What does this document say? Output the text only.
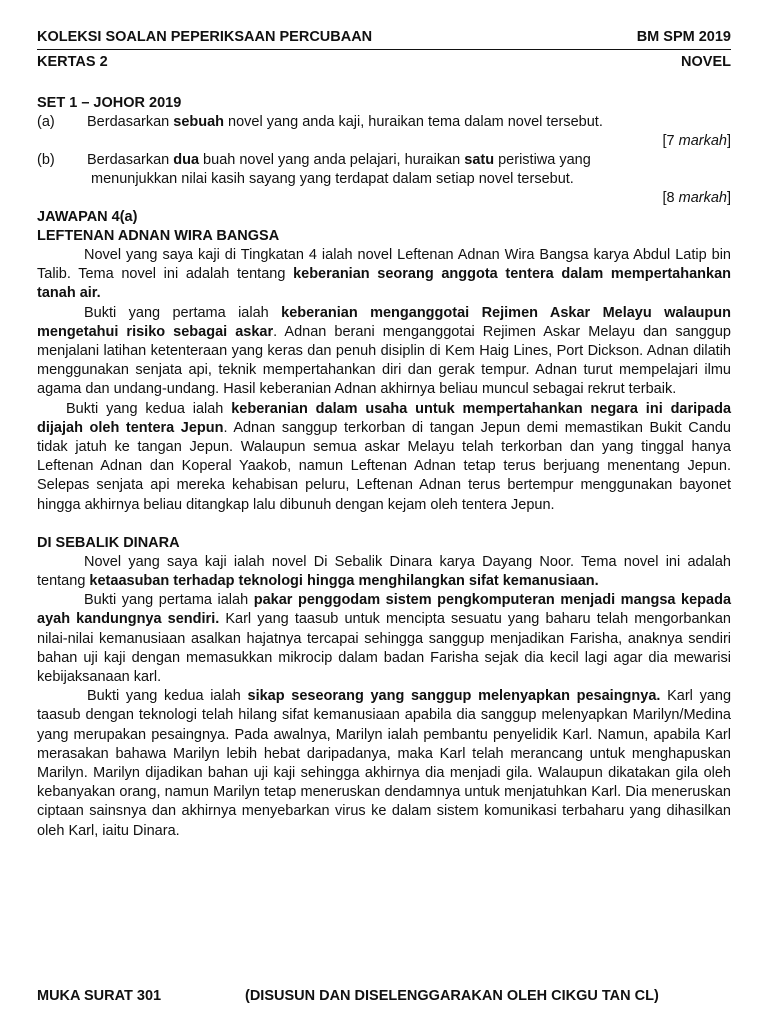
KOLEKSI SOALAN PEPERIKSAAN PERCUBAAN	BM SPM 2019
KERTAS 2	NOVEL
SET 1 – JOHOR 2019
(a)	Berdasarkan sebuah novel yang anda kaji, huraikan tema dalam novel tersebut.
[7 markah]
(b)	Berdasarkan dua buah novel yang anda pelajari, huraikan satu peristiwa yang
menunjukkan nilai kasih sayang yang terdapat dalam setiap novel tersebut.
[8 markah]
JAWAPAN 4(a)
LEFTENAN ADNAN WIRA BANGSA

Novel yang saya kaji di Tingkatan 4 ialah novel Leftenan Adnan Wira Bangsa karya Abdul Latip bin Talib. Tema novel ini adalah tentang keberanian seorang anggota tentera dalam mempertahankan tanah air.

Bukti yang pertama ialah keberanian menganggotai Rejimen Askar Melayu walaupun mengetahui risiko sebagai askar. Adnan berani menganggotai Rejimen Askar Melayu dan sanggup menjalani latihan ketenteraan yang keras dan penuh disiplin di Kem Haig Lines, Port Dickson. Adnan dilatih menggunakan senjata api, teknik mempertahankan diri dan gerak tempur. Adnan turut mempelajari ilmu agama dan undang-undang. Hasil keberanian Adnan akhirnya beliau muncul sebagai rekrut terbaik.

Bukti yang kedua ialah keberanian dalam usaha untuk mempertahankan negara ini daripada dijajah oleh tentera Jepun. Adnan sanggup terkorban di tangan Jepun demi memastikan Bukit Candu tidak jatuh ke tangan Jepun. Walaupun semua askar Melayu telah terkorban dan yang tinggal hanya Leftenan Adnan dan Koperal Yaakob, namun Leftenan Adnan tetap terus berjuang menentang Jepun. Selepas senjata api mereka kehabisan peluru, Leftenan Adnan terus bertempur menggunakan bayonet hingga akhirnya beliau ditangkap lalu dibunuh dengan kejam oleh tentera Jepun.

DI SEBALIK DINARA

Novel yang saya kaji ialah novel Di Sebalik Dinara karya Dayang Noor. Tema novel ini adalah tentang ketaasuban terhadap teknologi hingga menghilangkan sifat kemanusiaan.

Bukti yang pertama ialah pakar penggodam sistem pengkomputeran menjadi mangsa kepada ayah kandungnya sendiri. Karl yang taasub untuk mencipta sesuatu yang baharu telah mengorbankan nilai-nilai kemanusiaan asalkan hajatnya tercapai sehingga sanggup menjadikan Farisha, anaknya sendiri bahan uji kaji dengan memasukkan mikrocip dalam badan Farisha sejak dia kecil lagi agar dia mewarisi kebijaksanaan karl.

Bukti yang kedua ialah sikap seseorang yang sanggup melenyapkan pesaingnya. Karl yang taasub dengan teknologi telah hilang sifat kemanusiaan apabila dia sanggup melenyapkan Marilyn/Medina yang merupakan pesaingnya. Pada awalnya, Marilyn ialah pembantu penyelidik Karl. Namun, apabila Karl merasakan bahawa Marilyn lebih hebat daripadanya, maka Karl telah merancang untuk menghapuskan Marilyn. Marilyn dijadikan bahan uji kaji sehingga akhirnya dia menjadi gila. Walaupun dikatakan gila oleh kebanyakan orang, namun Marilyn tetap meneruskan dendamnya untuk menjatuhkan Karl. Dia meneruskan ciptaan sainsnya dan akhirnya menyebarkan virus ke dalam sistem komunikasi terbaharu yang dihasilkan oleh Karl, iaitu Dinara.

MUKA SURAT 301	(DISUSUN DAN DISELENGGARAKAN OLEH CIKGU TAN CL)
